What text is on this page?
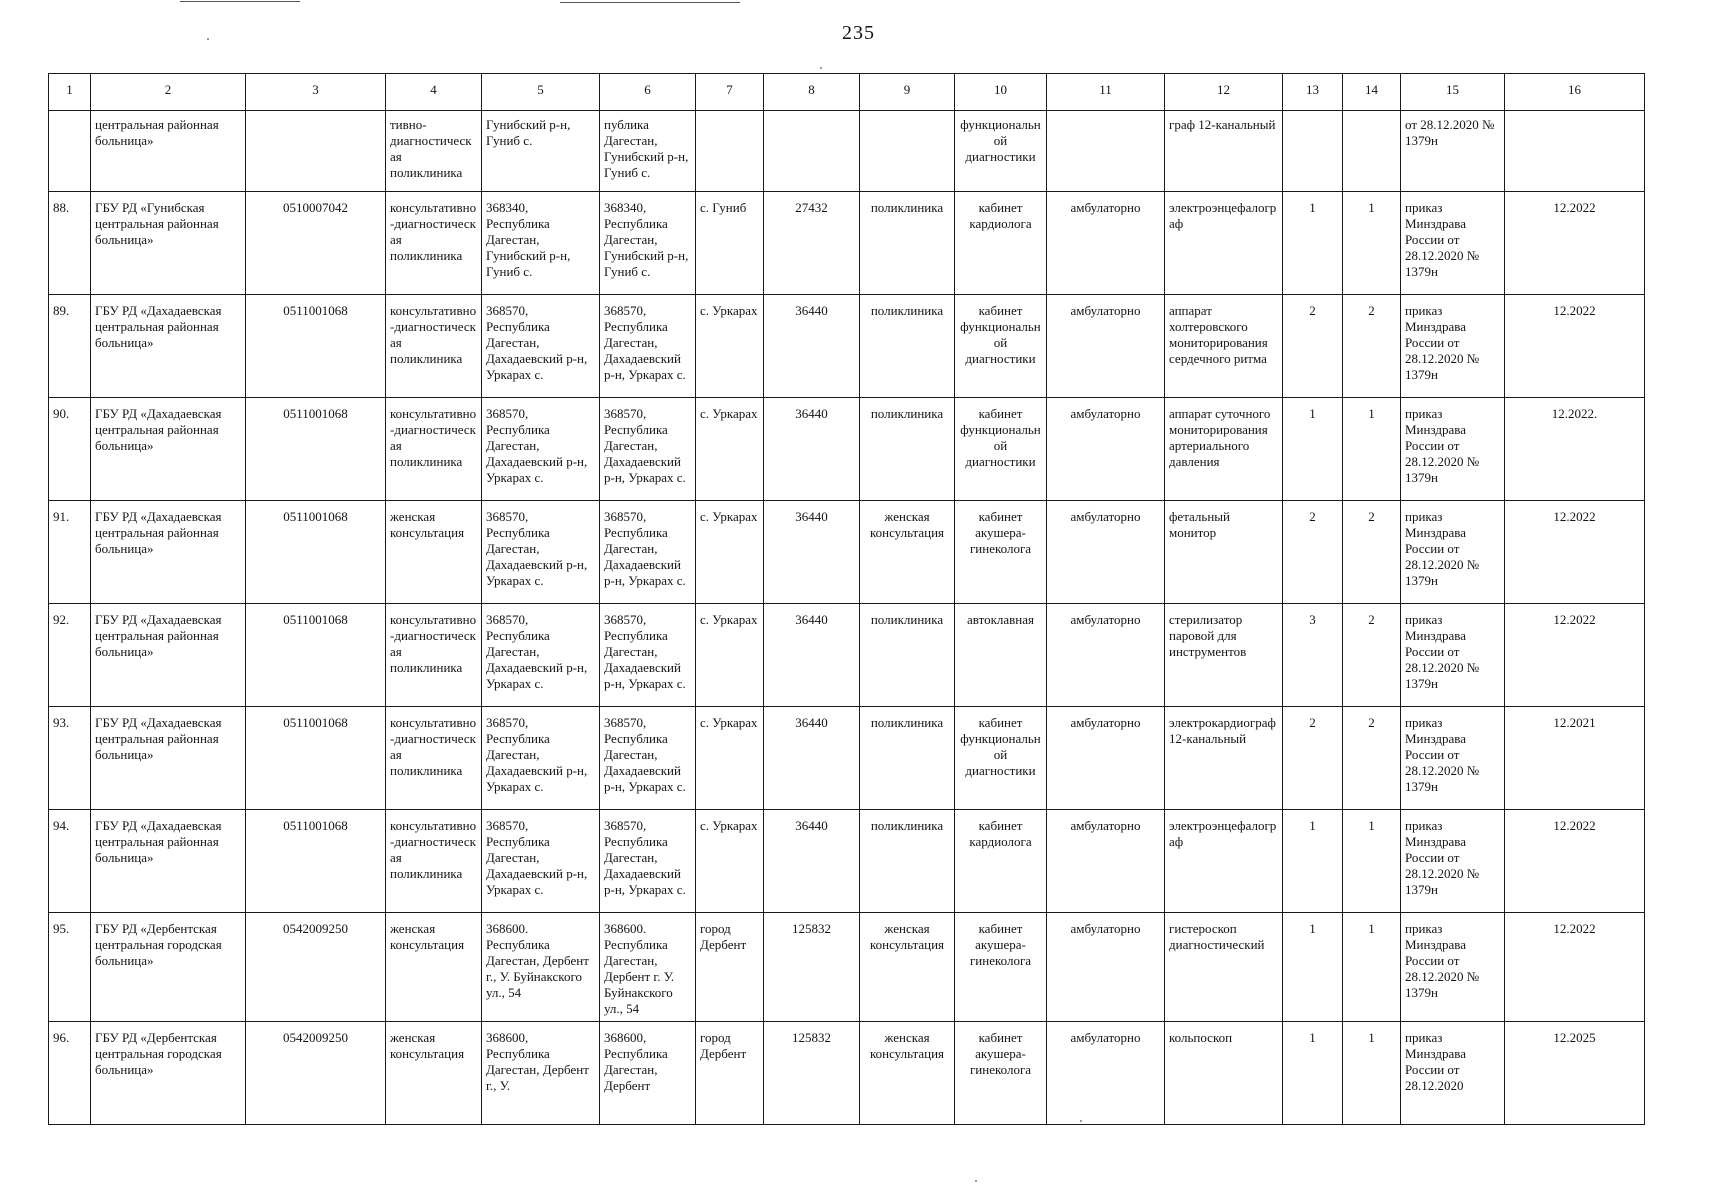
235
1	2	3	4	5	6	7	8	9	10	11	12	13	14	15	16
	центральная районная больница»		тивно-диагностическая поликлиника	Гунибский р-н, Гуниб с.	публика Дагестан, Гунибский р-н, Гуниб с.				функциональной диагностики		граф 12-канальный			от 28.12.2020 № 1379н	
88.	ГБУ РД «Гунибская центральная районная больница»	0510007042	консультативно-диагностическая поликлиника	368340, Республика Дагестан, Гунибский р-н, Гуниб с.	368340, Республика Дагестан, Гунибский р-н, Гуниб с.	с. Гуниб	27432	поликлиника	кабинет кардиолога	амбулаторно	электроэнцефалограф	1	1	приказ Минздрава России от 28.12.2020 № 1379н	12.2022
89.	ГБУ РД «Дахадаевская центральная районная больница»	0511001068	консультативно-диагностическая поликлиника	368570, Республика Дагестан, Дахадаевский р-н, Уркарах с.	368570, Республика Дагестан, Дахадаевский р-н, Уркарах с.	с. Уркарах	36440	поликлиника	кабинет функциональной диагностики	амбулаторно	аппарат холтеровского мониторирования сердечного ритма	2	2	приказ Минздрава России от 28.12.2020 № 1379н	12.2022
90.	ГБУ РД «Дахадаевская центральная районная больница»	0511001068	консультативно-диагностическая поликлиника	368570, Республика Дагестан, Дахадаевский р-н, Уркарах с.	368570, Республика Дагестан, Дахадаевский р-н, Уркарах с.	с. Уркарах	36440	поликлиника	кабинет функциональной диагностики	амбулаторно	аппарат суточного мониторирования артериального давления	1	1	приказ Минздрава России от 28.12.2020 № 1379н	12.2022.
91.	ГБУ РД «Дахадаевская центральная районная больница»	0511001068	женская консультация	368570, Республика Дагестан, Дахадаевский р-н, Уркарах с.	368570, Республика Дагестан, Дахадаевский р-н, Уркарах с.	с. Уркарах	36440	женская консультация	кабинет акушера-гинеколога	амбулаторно	фетальный монитор	2	2	приказ Минздрава России от 28.12.2020 № 1379н	12.2022
92.	ГБУ РД «Дахадаевская центральная районная больница»	0511001068	консультативно-диагностическая поликлиника	368570, Республика Дагестан, Дахадаевский р-н, Уркарах с.	368570, Республика Дагестан, Дахадаевский р-н, Уркарах с.	с. Уркарах	36440	поликлиника	автоклавная	амбулаторно	стерилизатор паровой для инструментов	3	2	приказ Минздрава России от 28.12.2020 № 1379н	12.2022
93.	ГБУ РД «Дахадаевская центральная районная больница»	0511001068	консультативно-диагностическая поликлиника	368570, Республика Дагестан, Дахадаевский р-н, Уркарах с.	368570, Республика Дагестан, Дахадаевский р-н, Уркарах с.	с. Уркарах	36440	поликлиника	кабинет функциональной диагностики	амбулаторно	электрокардиограф 12-канальный	2	2	приказ Минздрава России от 28.12.2020 № 1379н	12.2021
94.	ГБУ РД «Дахадаевская центральная районная больница»	0511001068	консультативно-диагностическая поликлиника	368570, Республика Дагестан, Дахадаевский р-н, Уркарах с.	368570, Республика Дагестан, Дахадаевский р-н, Уркарах с.	с. Уркарах	36440	поликлиника	кабинет кардиолога	амбулаторно	электроэнцефалограф	1	1	приказ Минздрава России от 28.12.2020 № 1379н	12.2022
95.	ГБУ РД «Дербентская центральная городская больница»	0542009250	женская консультация	368600. Республика Дагестан, Дербент г., У. Буйнакского ул., 54	368600. Республика Дагестан, Дербент г. У. Буйнакского ул., 54	город Дербент	125832	женская консультация	кабинет акушера-гинеколога	амбулаторно	гистероскоп диагностический	1	1	приказ Минздрава России от 28.12.2020 № 1379н	12.2022
96.	ГБУ РД «Дербентская центральная городская больница»	0542009250	женская консультация	368600, Республика Дагестан, Дербент г., У.	368600, Республика Дагестан, Дербент	город Дербент	125832	женская консультация	кабинет акушера-гинеколога	амбулаторно	кольпоскоп	1	1	приказ Минздрава России от 28.12.2020	12.2025
